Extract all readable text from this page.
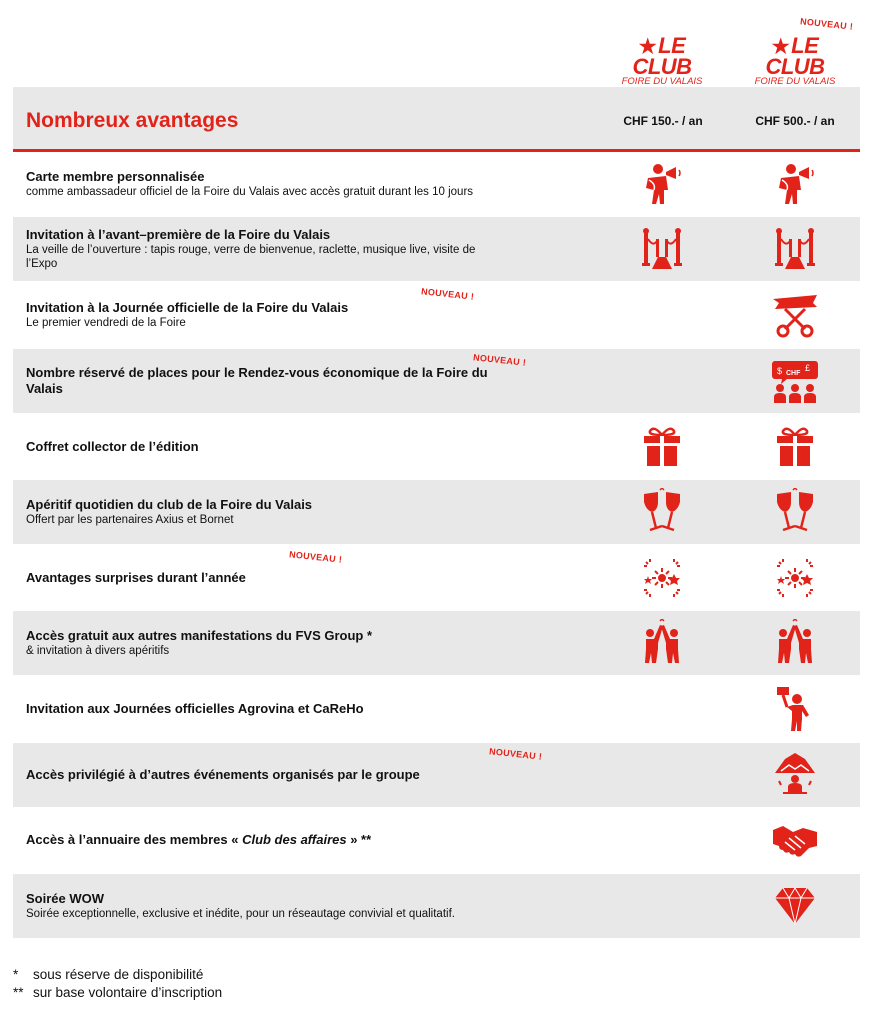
★LE CLUB
FOIRE DU VALAIS
★LE CLUB
FOIRE DU VALAIS
NOUVEAU !
Nombreux avantages	CHF 150.- / an	CHF 500.- / an
Carte membre personnalisée
comme ambassadeur officiel de la Foire du Valais avec accès gratuit durant les 10 jours
Invitation à l’avant–première de la Foire du Valais
La veille de l’ouverture : tapis rouge, verre de bienvenue, raclette, musique live, visite de l’Expo
Invitation à la Journée officielle de la Foire du Valais
Le premier vendredi de la Foire
NOUVEAU !
Nombre réservé de places pour le Rendez-vous économique de la Foire du Valais
NOUVEAU !
$ CHF
£
Coffret collector de l’édition
Apéritif quotidien du club de la Foire du Valais
Offert par les partenaires Axius et Bornet
Avantages surprises durant l’année
NOUVEAU !
Accès gratuit aux autres manifestations du FVS Group *
& invitation à divers apéritifs
Invitation aux Journées officielles Agrovina et CaReHo
Accès privilégié à d’autres événements organisés par le groupe
NOUVEAU !
Accès à l’annuaire des membres « Club des affaires » **
Soirée WOW
Soirée exceptionnelle, exclusive et inédite, pour un réseautage convivial et qualitatif.
* sous réserve de disponibilité
** sur base volontaire d’inscription
